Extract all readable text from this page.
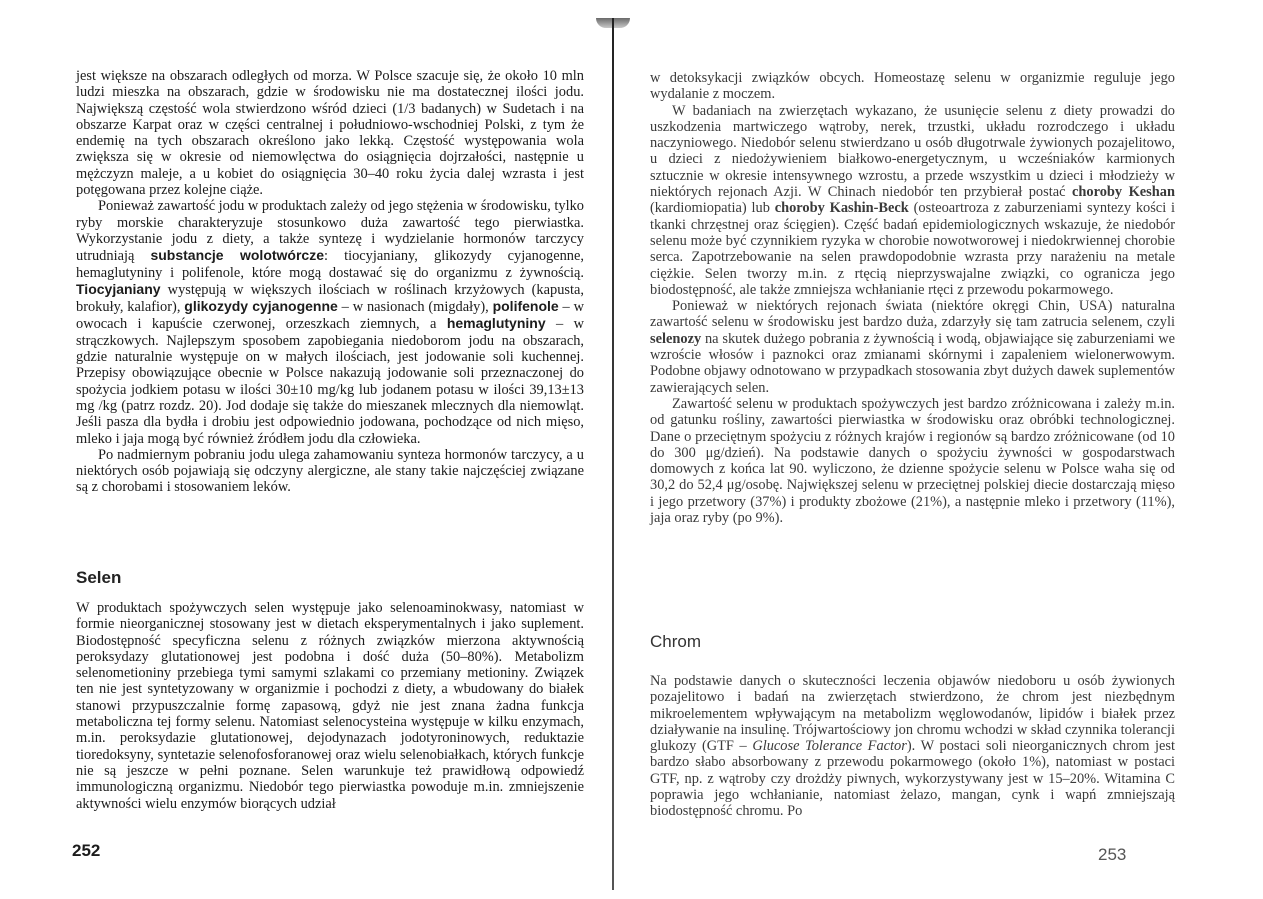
jest większe na obszarach odległych od morza. W Polsce szacuje się, że około 10 mln ludzi mieszka na obszarach, gdzie w środowisku nie ma dostatecznej ilości jodu. Największą częstość wola stwierdzono wśród dzieci (1/3 badanych) w Sudetach i na obszarze Karpat oraz w części centralnej i południowo-wschodniej Polski, z tym że endemię na tych obszarach określono jako lekką. Częstość występowania wola zwiększa się w okresie od niemowlęctwa do osiągnięcia dojrzałości, następnie u mężczyzn maleje, a u kobiet do osiągnięcia 30–40 roku życia dalej wzrasta i jest potęgowana przez kolejne ciąże.

Ponieważ zawartość jodu w produktach zależy od jego stężenia w środowisku, tylko ryby morskie charakteryzuje stosunkowo duża zawartość tego pierwiastka. Wykorzystanie jodu z diety, a także syntezę i wydzielanie hormonów tarczycy utrudniają substancje wolotwórcze: tiocyjaniany, glikozydy cyjanogenne, hemaglutyniny i polifenole, które mogą dostawać się do organizmu z żywnością. Tiocyjaniany występują w większych ilościach w roślinach krzyżowych (kapusta, brokuły, kalafior), glikozydy cyjanogenne – w nasionach (migdały), polifenole – w owocach i kapuście czerwonej, orzeszkach ziemnych, a hemaglutyniny – w strączkowych. Najlepszym sposobem zapobiegania niedoborom jodu na obszarach, gdzie naturalnie występuje on w małych ilościach, jest jodowanie soli kuchennej. Przepisy obowiązujące obecnie w Polsce nakazują jodowanie soli przeznaczonej do spożycia jodkiem potasu w ilości 30±10 mg/kg lub jodanem potasu w ilości 39,13±13 mg /kg (patrz rozdz. 20). Jod dodaje się także do mieszanek mlecznych dla niemowląt. Jeśli pasza dla bydła i drobiu jest odpowiednio jodowana, pochodzące od nich mięso, mleko i jaja mogą być również źródłem jodu dla człowieka.

Po nadmiernym pobraniu jodu ulega zahamowaniu synteza hormonów tarczycy, a u niektórych osób pojawiają się odczyny alergiczne, ale stany takie najczęściej związane są z chorobami i stosowaniem leków.

Selen

W produktach spożywczych selen występuje jako selenoaminokwasy, natomiast w formie nieorganicznej stosowany jest w dietach eksperymentalnych i jako suplement. Biodostępność specyficzna selenu z różnych związków mierzona aktywnością peroksydazy glutationowej jest podobna i dość duża (50–80%). Metabolizm selenometioniny przebiega tymi samymi szlakami co przemiany metioniny. Związek ten nie jest syntetyzowany w organizmie i pochodzi z diety, a wbudowany do białek stanowi przypuszczalnie formę zapasową, gdyż nie jest znana żadna funkcja metaboliczna tej formy selenu. Natomiast selenocysteina występuje w kilku enzymach, m.in. peroksydazie glutationowej, dejodynazach jodotyroninowych, reduktazie tioredoksyny, syntetazie selenofosforanowej oraz wielu selenobiałkach, których funkcje nie są jeszcze w pełni poznane. Selen warunkuje też prawidłową odpowiedź immunologiczną organizmu. Niedobór tego pierwiastka powoduje m.in. zmniejszenie aktywności wielu enzymów biorących udział

252

w detoksykacji związków obcych. Homeostazę selenu w organizmie reguluje jego wydalanie z moczem.

W badaniach na zwierzętach wykazano, że usunięcie selenu z diety prowadzi do uszkodzenia martwiczego wątroby, nerek, trzustki, układu rozrodczego i układu naczyniowego. Niedobór selenu stwierdzano u osób długotrwale żywionych pozajelitowo, u dzieci z niedożywieniem białkowo-energetycznym, u wcześniaków karmionych sztucznie w okresie intensywnego wzrostu, a przede wszystkim u dzieci i młodzieży w niektórych rejonach Azji. W Chinach niedobór ten przybierał postać choroby Keshan (kardiomiopatia) lub choroby Kashin-Beck (osteoartroza z zaburzeniami syntezy kości i tkanki chrzęstnej oraz ścięgien). Część badań epidemiologicznych wskazuje, że niedobór selenu może być czynnikiem ryzyka w chorobie nowotworowej i niedokrwiennej chorobie serca. Zapotrzebowanie na selen prawdopodobnie wzrasta przy narażeniu na metale ciężkie. Selen tworzy m.in. z rtęcią nieprzyswajalne związki, co ogranicza jego biodostępność, ale także zmniejsza wchłanianie rtęci z przewodu pokarmowego.

Ponieważ w niektórych rejonach świata (niektóre okręgi Chin, USA) naturalna zawartość selenu w środowisku jest bardzo duża, zdarzyły się tam zatrucia selenem, czyli selenozy na skutek dużego pobrania z żywnością i wodą, objawiające się zaburzeniami we wzroście włosów i paznokci oraz zmianami skórnymi i zapaleniem wielonerwowym. Podobne objawy odnotowano w przypadkach stosowania zbyt dużych dawek suplementów zawierających selen.

Zawartość selenu w produktach spożywczych jest bardzo zróżnicowana i zależy m.in. od gatunku rośliny, zawartości pierwiastka w środowisku oraz obróbki technologicznej. Dane o przeciętnym spożyciu z różnych krajów i regionów są bardzo zróżnicowane (od 10 do 300 μg/dzień). Na podstawie danych o spożyciu żywności w gospodarstwach domowych z końca lat 90. wyliczono, że dzienne spożycie selenu w Polsce waha się od 30,2 do 52,4 μg/osobę. Największej selenu w przeciętnej polskiej diecie dostarczają mięso i jego przetwory (37%) i produkty zbożowe (21%), a następnie mleko i przetwory (11%), jaja oraz ryby (po 9%).

Chrom

Na podstawie danych o skuteczności leczenia objawów niedoboru u osób żywionych pozajelitowo i badań na zwierzętach stwierdzono, że chrom jest niezbędnym mikroelementem wpływającym na metabolizm węglowodanów, lipidów i białek przez działywanie na insulinę. Trójwartościowy jon chromu wchodzi w skład czynnika tolerancji glukozy (GTF – Glucose Tolerance Factor). W postaci soli nieorganicznych chrom jest bardzo słabo absorbowany z przewodu pokarmowego (około 1%), natomiast w postaci GTF, np. z wątroby czy drożdży piwnych, wykorzystywany jest w 15–20%. Witamina C poprawia jego wchłanianie, natomiast żelazo, mangan, cynk i wapń zmniejszają biodostępność chromu. Po

253
